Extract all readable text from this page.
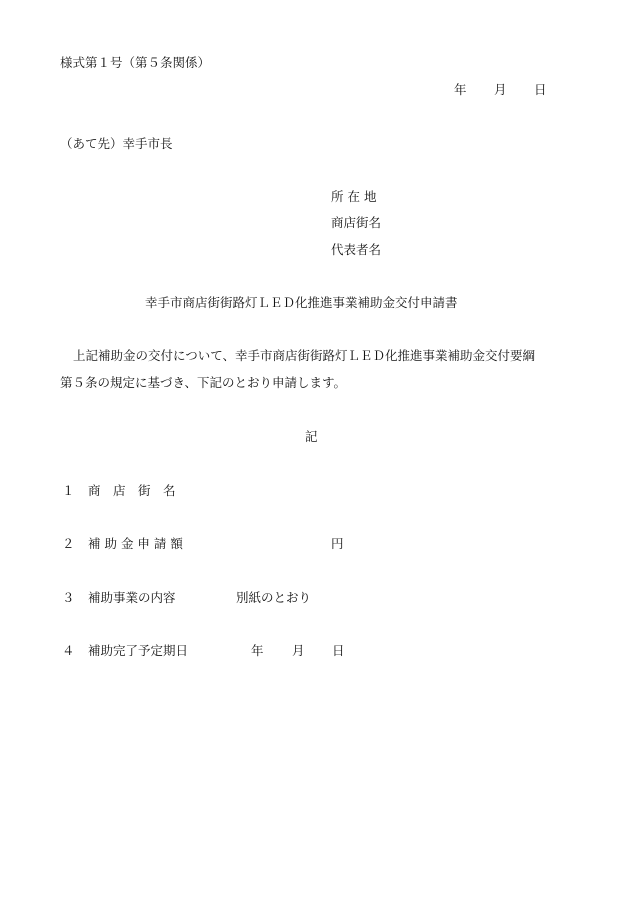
様式第１号（第５条関係）
年 月 日
（あて先）幸手市長
所 在 地
商店街名
代表者名
幸手市商店街街路灯ＬＥＤ化推進事業補助金交付申請書
上記補助金の交付について、幸手市商店街街路灯ＬＥＤ化推進事業補助金交付要綱
第５条の規定に基づき、下記のとおり申請します。
記
１ 商　店　街　名
２ 補 助 金 申 請 額	円
３ 補助事業の内容	別紙のとおり
４ 補助完了予定期日	年 月 日
